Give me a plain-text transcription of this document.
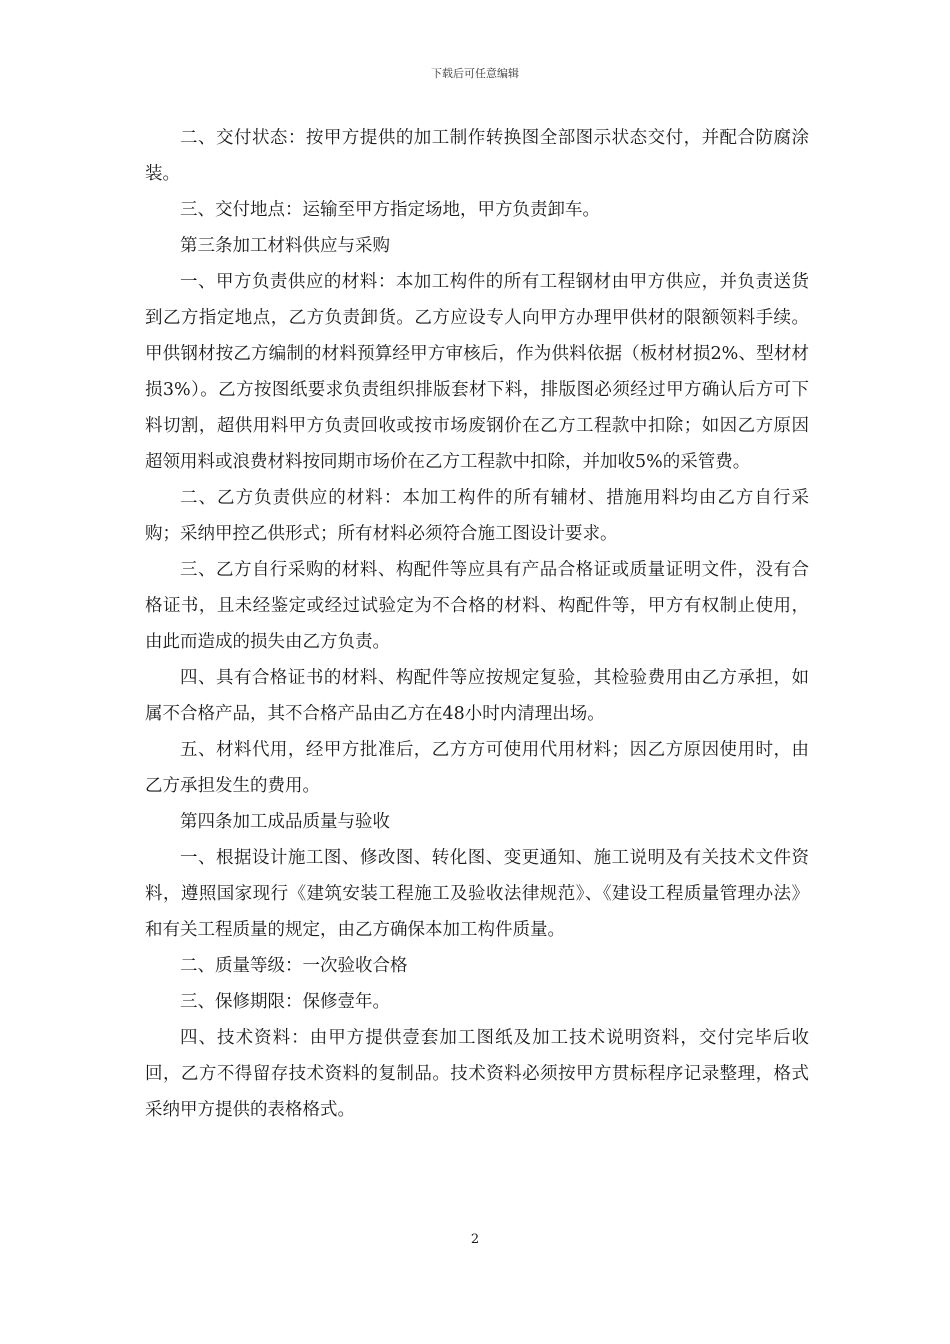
下载后可任意编辑

二、交付状态：按甲方提供的加工制作转换图全部图示状态交付，并配合防腐涂装。

三、交付地点：运输至甲方指定场地，甲方负责卸车。

第三条加工材料供应与采购

一、甲方负责供应的材料：本加工构件的所有工程钢材由甲方供应，并负责送货到乙方指定地点，乙方负责卸货。乙方应设专人向甲方办理甲供材的限额领料手续。甲供钢材按乙方编制的材料预算经甲方审核后，作为供料依据（板材材损2%、型材材损3%）。乙方按图纸要求负责组织排版套材下料，排版图必须经过甲方确认后方可下料切割，超供用料甲方负责回收或按市场废钢价在乙方工程款中扣除；如因乙方原因超领用料或浪费材料按同期市场价在乙方工程款中扣除，并加收5%的采管费。

二、乙方负责供应的材料：本加工构件的所有辅材、措施用料均由乙方自行采购；采纳甲控乙供形式；所有材料必须符合施工图设计要求。

三、乙方自行采购的材料、构配件等应具有产品合格证或质量证明文件，没有合格证书，且未经鉴定或经过试验定为不合格的材料、构配件等，甲方有权制止使用，由此而造成的损失由乙方负责。

四、具有合格证书的材料、构配件等应按规定复验，其检验费用由乙方承担，如属不合格产品，其不合格产品由乙方在48小时内清理出场。

五、材料代用，经甲方批准后，乙方方可使用代用材料；因乙方原因使用时，由乙方承担发生的费用。

第四条加工成品质量与验收

一、根据设计施工图、修改图、转化图、变更通知、施工说明及有关技术文件资料，遵照国家现行《建筑安装工程施工及验收法律规范》、《建设工程质量管理办法》和有关工程质量的规定，由乙方确保本加工构件质量。

二、质量等级：一次验收合格

三、保修期限：保修壹年。

四、技术资料：由甲方提供壹套加工图纸及加工技术说明资料，交付完毕后收回，乙方不得留存技术资料的复制品。技术资料必须按甲方贯标程序记录整理，格式采纳甲方提供的表格格式。

2
